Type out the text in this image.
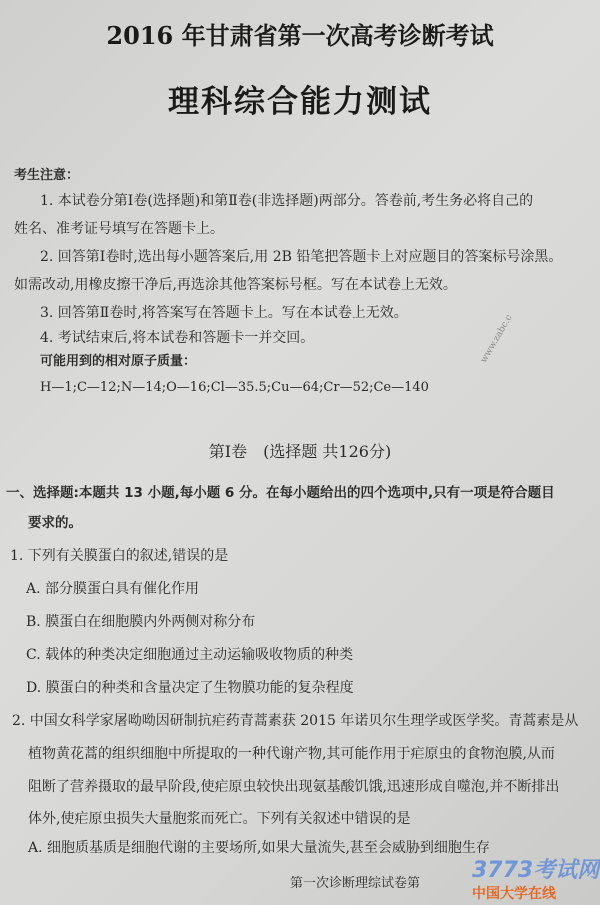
2016 年甘肃省第一次高考诊断考试
理科综合能力测试
考生注意：
1. 本试卷分第Ⅰ卷(选择题)和第Ⅱ卷(非选择题)两部分。答卷前,考生务必将自己的
姓名、准考证号填写在答题卡上。
2. 回答第Ⅰ卷时,选出每小题答案后,用 2B 铅笔把答题卡上对应题目的答案标号涂黑。
如需改动,用橡皮擦干净后,再选涂其他答案标号框。写在本试卷上无效。
3. 回答第Ⅱ卷时,将答案写在答题卡上。写在本试卷上无效。
4. 考试结束后,将本试卷和答题卡一并交回。
可能用到的相对原子质量：
H—1;C—12;N—14;O—16;Cl—35.5;Cu—64;Cr—52;Ce—140
第Ⅰ卷　(选择题 共126分)
一、选择题:本题共 13 小题,每小题 6 分。在每小题给出的四个选项中,只有一项是符合题目
要求的。
1. 下列有关膜蛋白的叙述,错误的是
A. 部分膜蛋白具有催化作用
B. 膜蛋白在细胞膜内外两侧对称分布
C. 载体的种类决定细胞通过主动运输吸收物质的种类
D. 膜蛋白的种类和含量决定了生物膜功能的复杂程度
2. 中国女科学家屠呦呦因研制抗疟药青蒿素获 2015 年诺贝尔生理学或医学奖。青蒿素是从
植物黄花蒿的组织细胞中所提取的一种代谢产物,其可能作用于疟原虫的食物泡膜,从而
阻断了营养摄取的最早阶段,使疟原虫较快出现氨基酸饥饿,迅速形成自噬泡,并不断排出
体外,使疟原虫损失大量胞浆而死亡。下列有关叙述中错误的是
A. 细胞质基质是细胞代谢的主要场所,如果大量流失,甚至会威胁到细胞生存
第一次诊断理综试卷第
www.zabc.c
3773考试网
中国大学在线
